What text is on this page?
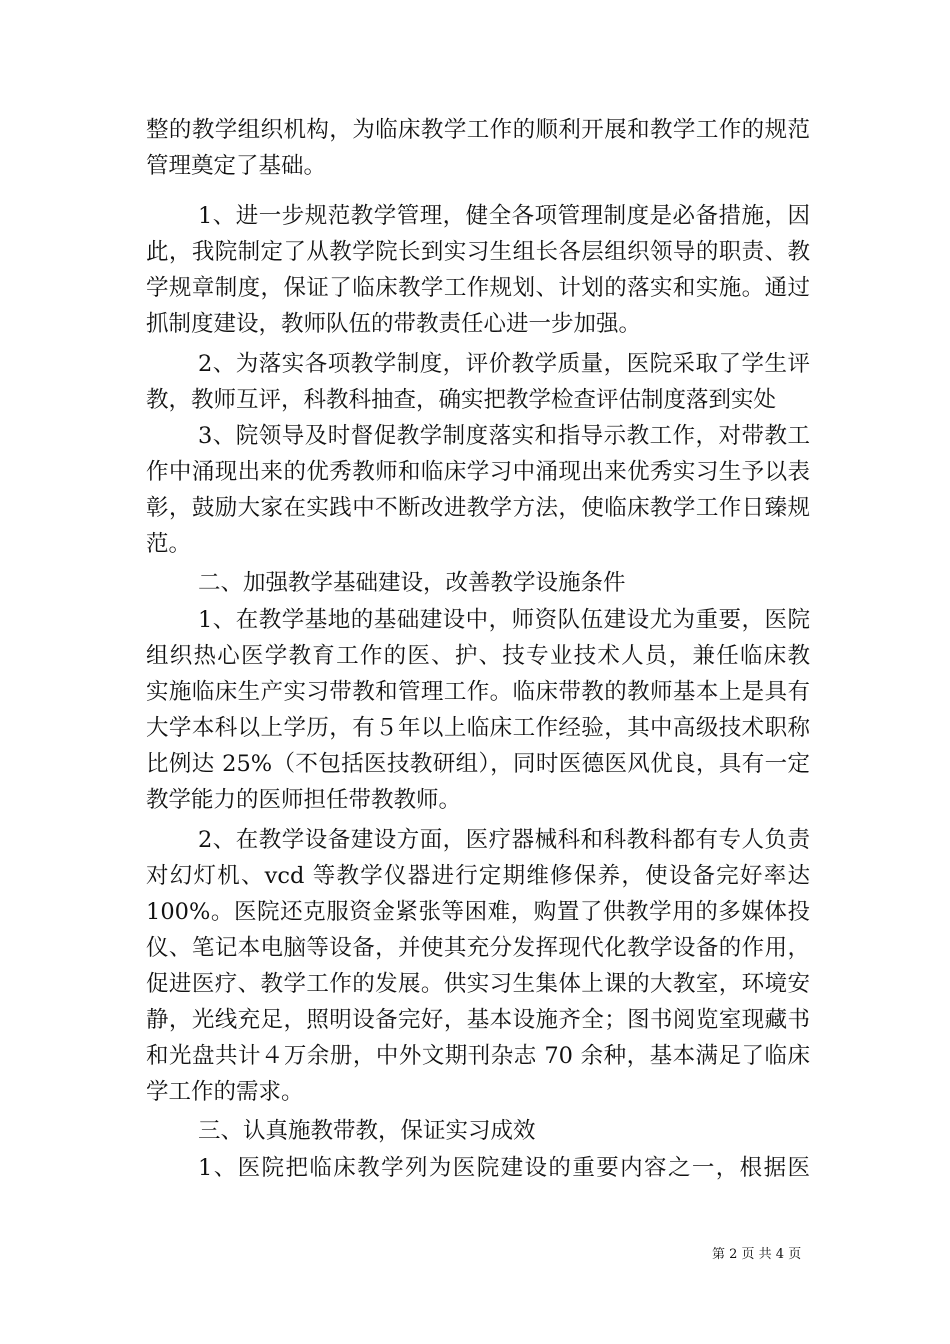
整的教学组织机构，为临床教学工作的顺利开展和教学工作的规范
管理奠定了基础。
1、进一步规范教学管理，健全各项管理制度是必备措施，因
此，我院制定了从教学院长到实习生组长各层组织领导的职责、教
学规章制度，保证了临床教学工作规划、计划的落实和实施。通过
抓制度建设，教师队伍的带教责任心进一步加强。
2、为落实各项教学制度，评价教学质量，医院采取了学生评
教，教师互评，科教科抽查，确实把教学检查评估制度落到实处
3、院领导及时督促教学制度落实和指导示教工作，对带教工
作中涌现出来的优秀教师和临床学习中涌现出来优秀实习生予以表
彰，鼓励大家在实践中不断改进教学方法，使临床教学工作日臻规
范。
二、加强教学基础建设，改善教学设施条件
1、在教学基地的基础建设中，师资队伍建设尤为重要，医院
组织热心医学教育工作的医、护、技专业技术人员，兼任临床教
实施临床生产实习带教和管理工作。临床带教的教师基本上是具有
大学本科以上学历，有５年以上临床工作经验，其中高级技术职称
比例达 25%（不包括医技教研组），同时医德医风优良，具有一定
教学能力的医师担任带教教师。
2、在教学设备建设方面，医疗器械科和科教科都有专人负责
对幻灯机、vcd 等教学仪器进行定期维修保养，使设备完好率达
100%。医院还克服资金紧张等困难，购置了供教学用的多媒体投
仪、笔记本电脑等设备，并使其充分发挥现代化教学设备的作用，
促进医疗、教学工作的发展。供实习生集体上课的大教室，环境安
静，光线充足，照明设备完好，基本设施齐全；图书阅览室现藏书
和光盘共计４万余册，中外文期刊杂志 70 余种，基本满足了临床
学工作的需求。
三、认真施教带教，保证实习成效
1、医院把临床教学列为医院建设的重要内容之一，根据医
第 2 页 共 4 页
